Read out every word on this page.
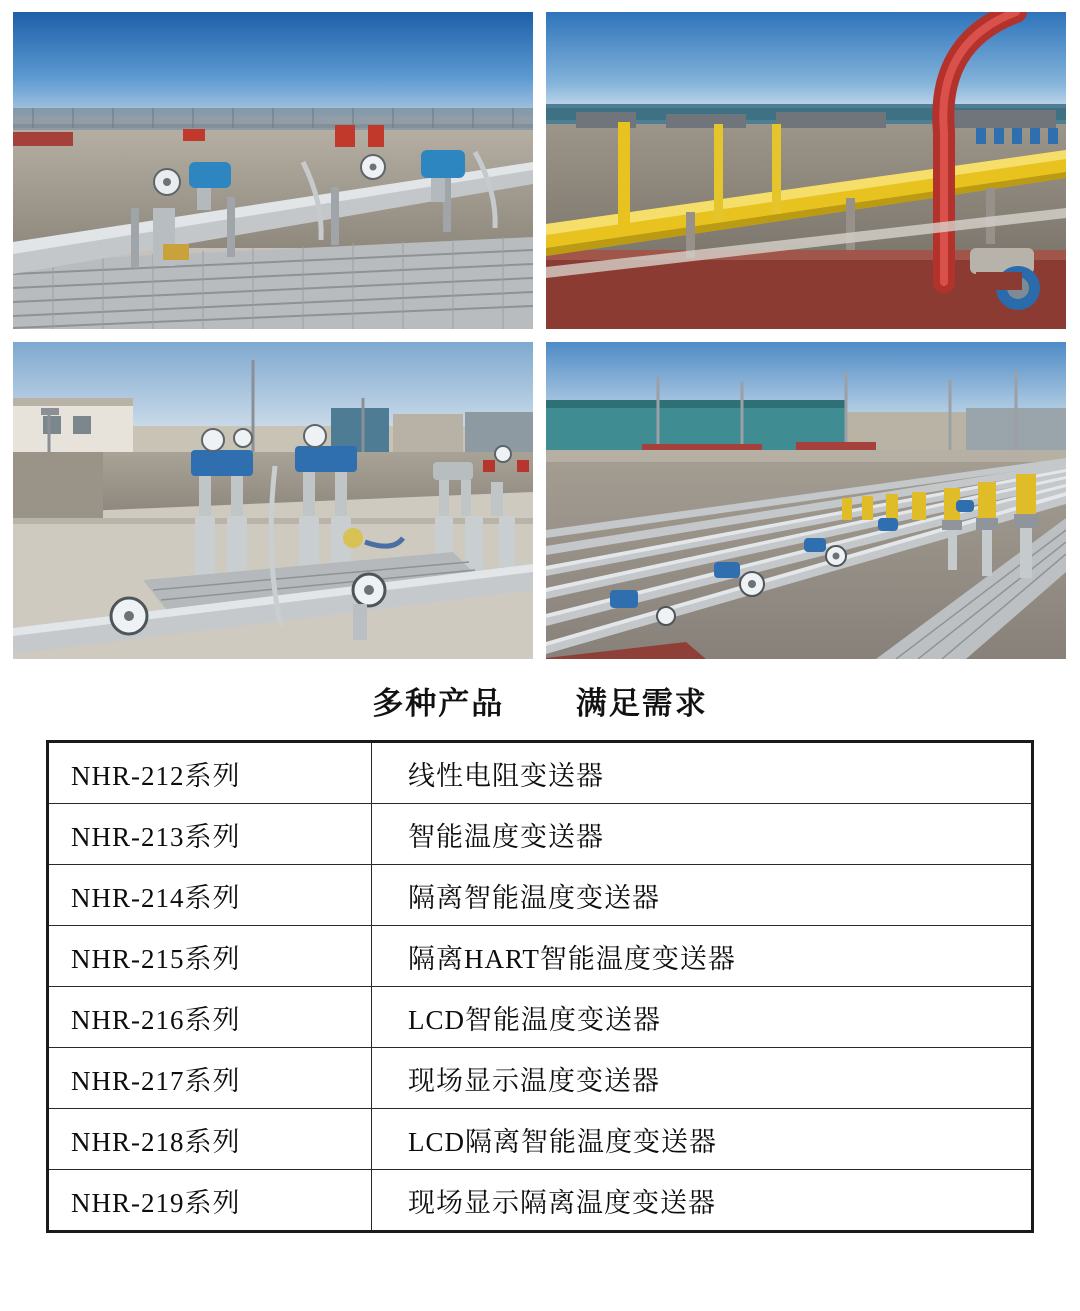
多种产品 满足需求
NHR-212系列	线性电阻变送器
NHR-213系列	智能温度变送器
NHR-214系列	隔离智能温度变送器
NHR-215系列	隔离HART智能温度变送器
NHR-216系列	LCD智能温度变送器
NHR-217系列	现场显示温度变送器
NHR-218系列	LCD隔离智能温度变送器
NHR-219系列	现场显示隔离温度变送器
